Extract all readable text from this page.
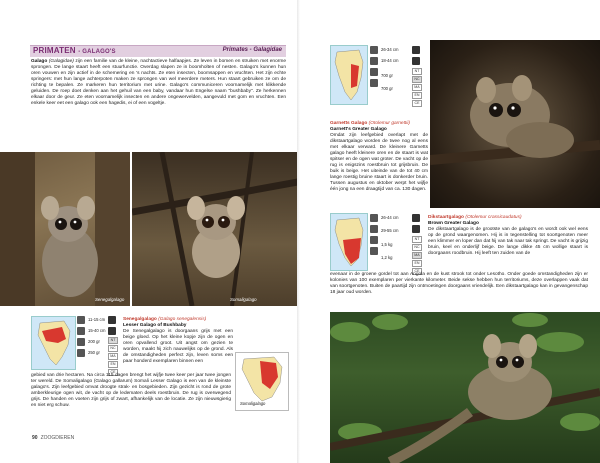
PRIMATEN - GALAGO'S	Primates - Galagidae
Galago (Galagidae) zijn een familie van de kleine, nachtactieve halfaapjes. Ze leven in bomen en struiken met enorme sprongen. De lange staart heeft een stuurfunctie. Overdag slapen ze in boomholten of nesten. Galago's kunnen hun oren vouwen en zijn actief in de schemering en 's nachts. Ze eten insecten, boomsappen en vruchten. Het zijn echte springers: met hun lange achterpoten maken ze sprongen van wel meerdere meters. Hun staart gebruiken ze om de richting te bepalen. Ze markeren hun territorium met urine. Galago's communiceren voornamelijk met klikkende geluiden. De roep doet denken aan het gehuil van een baby, vandaar hun Engelse naam "bushbaby". Ze herkennen elkaar door de geur. Ze eten voornamelijk insecten en andere ongewervelden, aangevuld met gom en vruchten. Een enkele keer eet een galago ook een hagedis, ei of een vogeltje.
Senegalgalago	Somaligalago
11-15 cm
15-40 cm
200 gr
250 gr
NT
NC
MA
EN
CE
Senegalgalago (Galago senegalensis)
Lesser Galago of Bushbaby
De Senegalgalago is doorgaans grijs met een beige gloed. Op het kleine kopje zijn de ogen en oren opvallend groot. Uit angst om gezien te worden, maakt hij zich nauwelijks op de grond. Als de omstandigheden perfect zijn, leven soms een paar honderd exemplaren binnen een
Somaligalago
gebied van drie hectaren. Na circa 115 dagen brengt het wijfje twee keer per jaar twee jongen ter wereld. De Somaligalago (Galago gallarum) Somali Lesser Galago is een van de kleinste galago's. Zijn leefgebied omvat droogte strak- en bosgebieden. Zijn gezicht is rond de grote amberkleurige ogen wit, de vacht op de ledematen deels roestbruin. De rug is overwegend grijs. De handen en voeten zijn grijs of zwart, afhankelijk van de locatie. Ze zijn nieuwsgierig en niet erg schuw.
90 ZOOGDIEREN
26-34 cm
18-44 cm
700 gr
700 gr
NT
NC
MA
EN
CE
Garnetts Galago (Otolemur garnettii)
Garnett's Greater Galago
Omdat zijn leefgebied overlapt met de dikstaartgalago worden de twee nog al eens met elkaar verward. De kleinere Garnetts galago heeft kleinere oren en de staart is wat spitser en de ogen wat groter. De vacht op de rug is enigszins roestbruin tot grijsbruin. De buik is beige. Het uiteinde van de tot 40 cm lange roestig bruine staart is donkerder bruin. Tussen augustus en oktober werpt het wijfje één jong na een draagtijd van ca. 130 dagen.
26-44 cm
29-55 cm
1,5 kg
1,2 kg
NT
NC
MA
EN
CE
Dikstaartgalago (Otolemur crassicaudatus)
Brown Greater Galago
De dikstaartgalago is de grootste van de galago's en wordt ook wel eens op de grond waargenomen. Hij is in tegenstelling tot soortgenoten meer een klimmer en loper dan dat hij van tak naar tak springt. De vacht is grijzig bruin, keel en onderlijf beige. De lange dikke 45 cm wollige staart is doorgaans roodbruin. Hij leeft ten zuiden van de
evenaar in de groene gordel tot aan Angola en de kust strook tot onder Lesotho. Onder goede omstandigheden zijn er kolonies van 100 exemplaren per vierkante kilometer. Beide sekse hebben hun territoriums, deze overlappen vaak dat van soortgenoten. Buiten de paartijd zijn ontmoetingen doorgaans vriendelijk. Een dikstaartgalago kan in gevangenschap 18 jaar oud worden.
